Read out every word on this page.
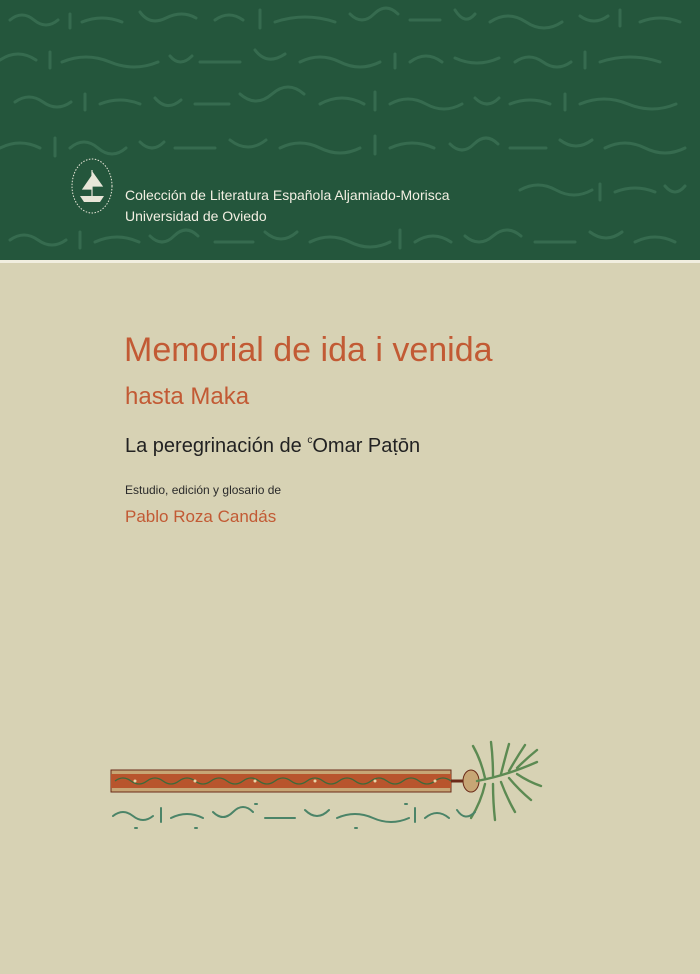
Colección de Literatura Española Aljamiado-Morisca
Universidad de Oviedo
Memorial de ida i venida
hasta Maka
La peregrinación de $^c$Omar Paṭōn
Estudio, edición y glosario de
Pablo Roza Candás
